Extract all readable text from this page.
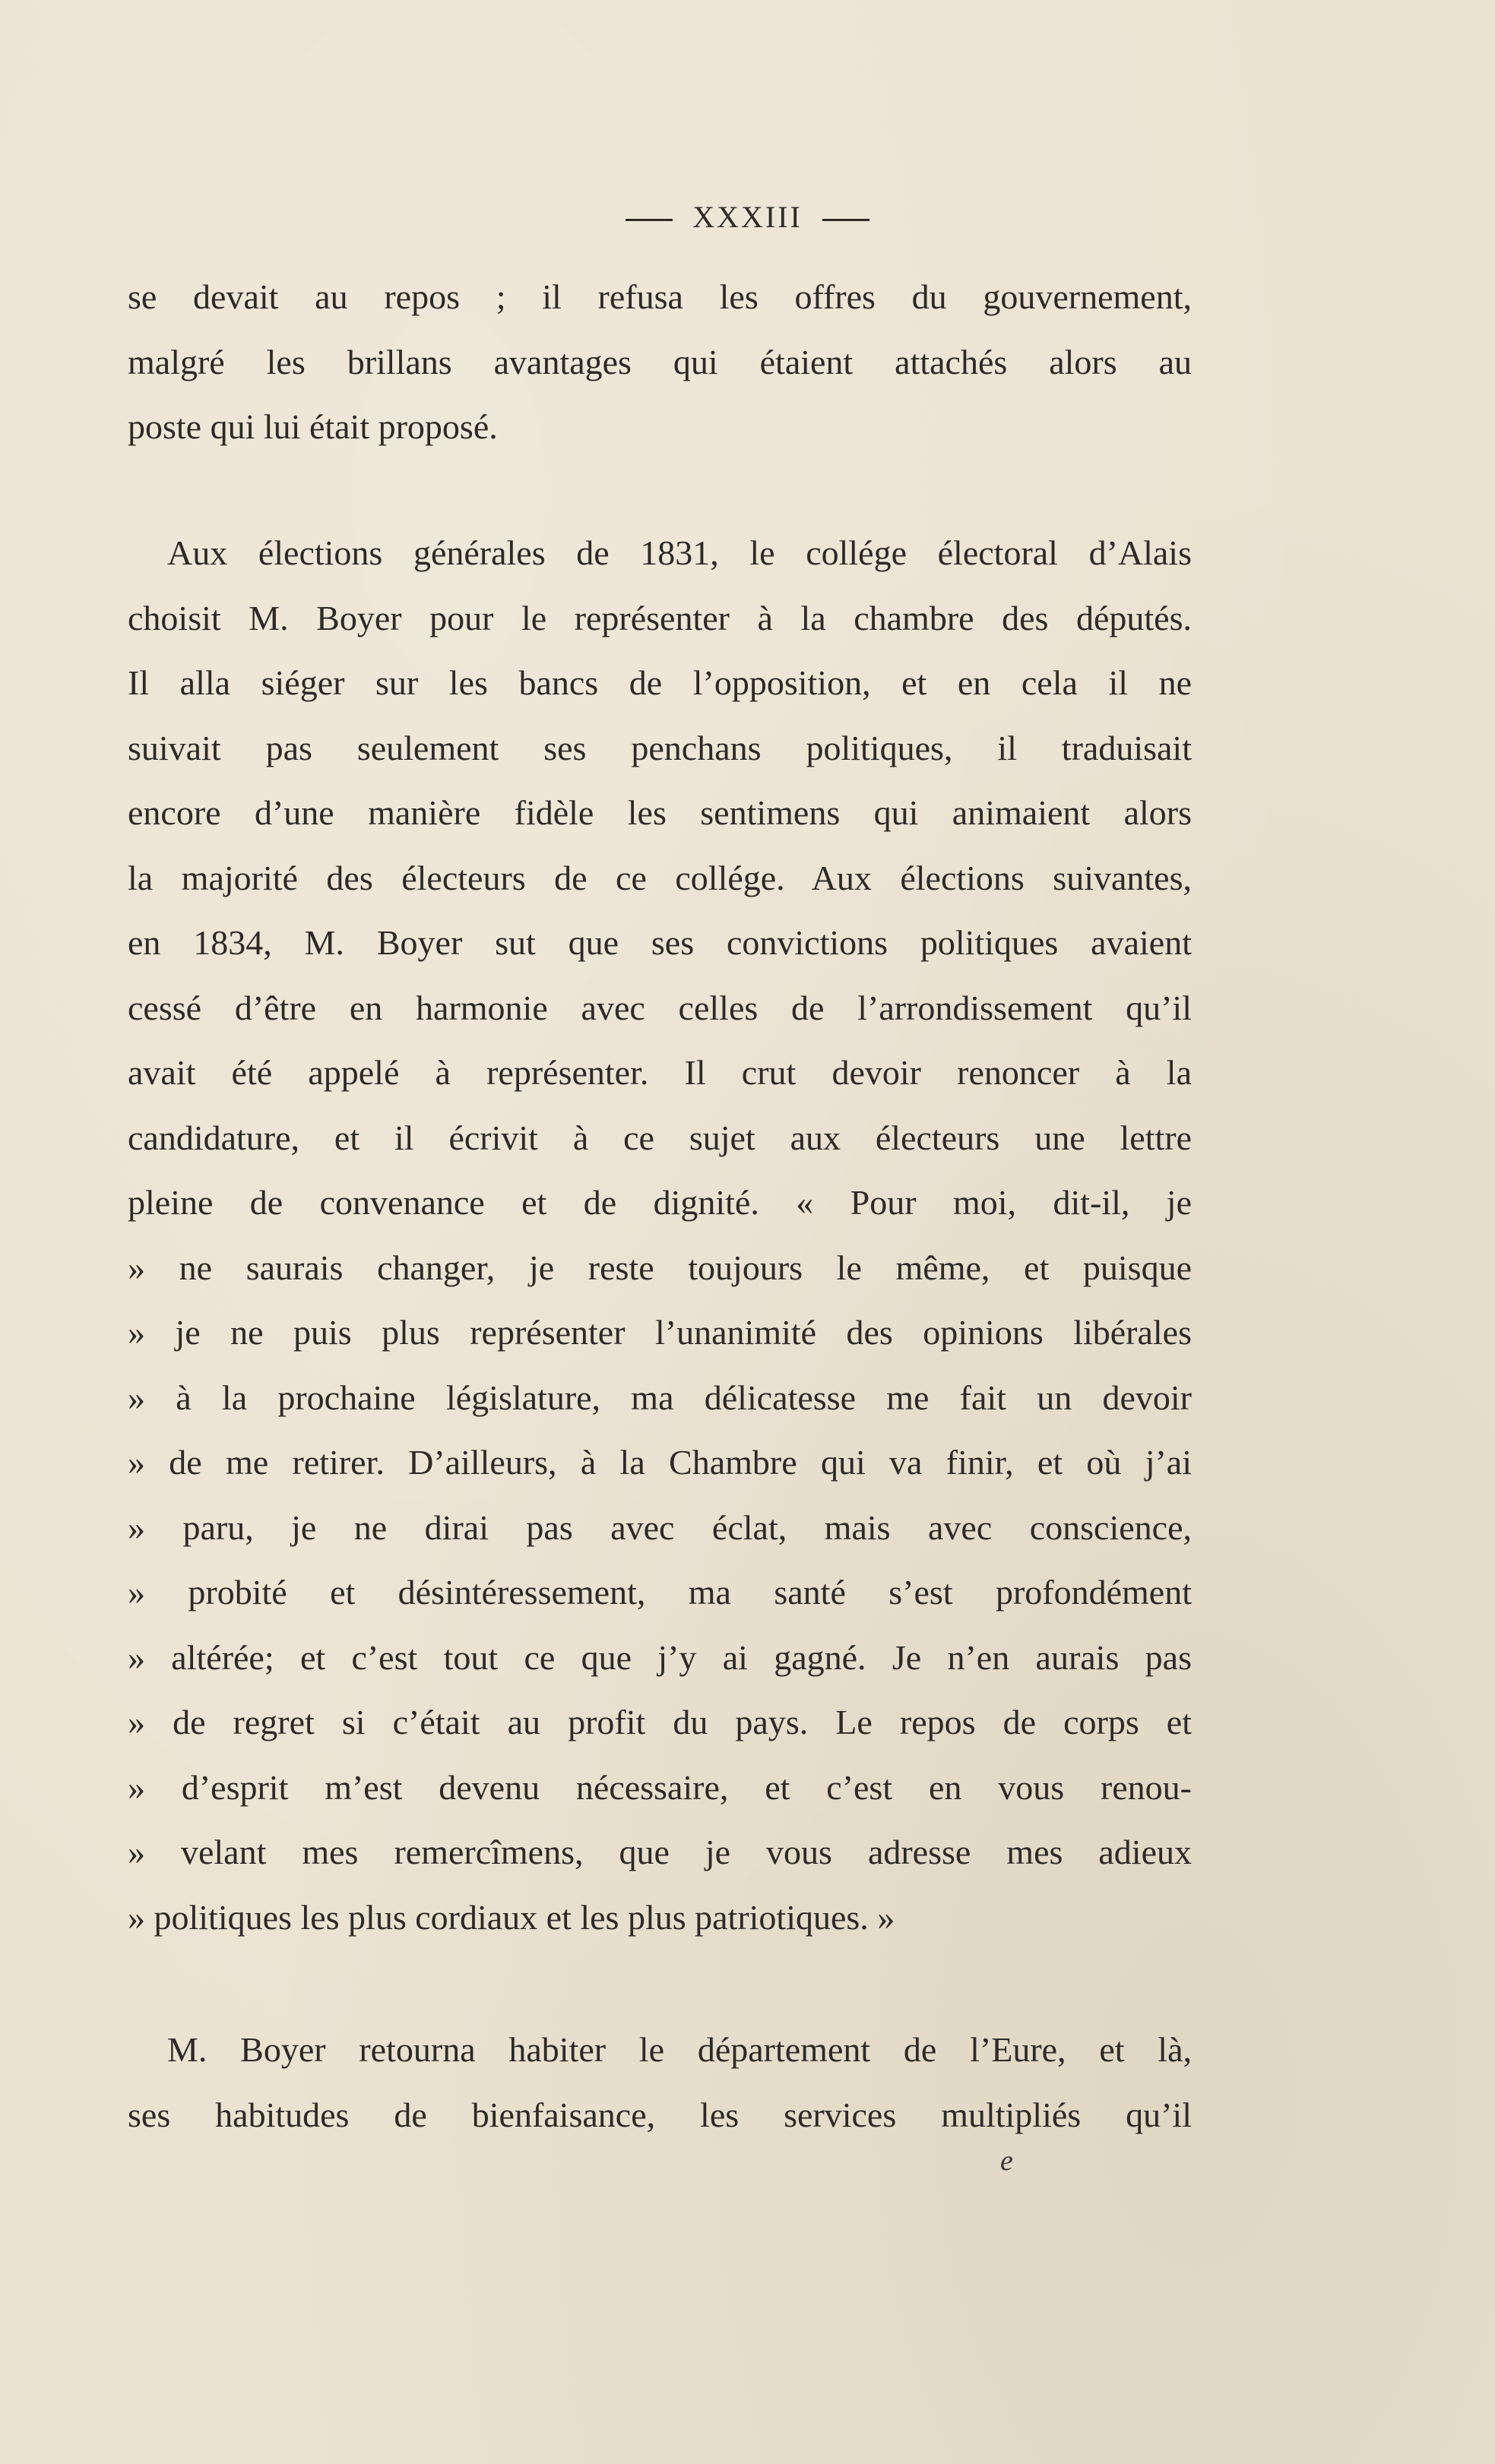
XXXIII
se devait au repos ; il refusa les offres du gouvernement,
malgré les brillans avantages qui étaient attachés alors au
poste qui lui était proposé.
Aux élections générales de 1831, le collége électoral d’Alais
choisit M. Boyer pour le représenter à la chambre des députés.
Il alla siéger sur les bancs de l’opposition, et en cela il ne
suivait pas seulement ses penchans politiques, il traduisait
encore d’une manière fidèle les sentimens qui animaient alors
la majorité des électeurs de ce collége. Aux élections suivantes,
en 1834, M. Boyer sut que ses convictions politiques avaient
cessé d’être en harmonie avec celles de l’arrondissement qu’il
avait été appelé à représenter. Il crut devoir renoncer à la
candidature, et il écrivit à ce sujet aux électeurs une lettre
pleine de convenance et de dignité. « Pour moi, dit-il, je
» ne saurais changer, je reste toujours le même, et puisque
» je ne puis plus représenter l’unanimité des opinions libérales
» à la prochaine législature, ma délicatesse me fait un devoir
» de me retirer. D’ailleurs, à la Chambre qui va finir, et où j’ai
» paru, je ne dirai pas avec éclat, mais avec conscience,
» probité et désintéressement, ma santé s’est profondément
» altérée; et c’est tout ce que j’y ai gagné. Je n’en aurais pas
» de regret si c’était au profit du pays. Le repos de corps et
» d’esprit m’est devenu nécessaire, et c’est en vous renou-
» velant mes remercîmens, que je vous adresse mes adieux
» politiques les plus cordiaux et les plus patriotiques. »
M. Boyer retourna habiter le département de l’Eure, et là,
ses habitudes de bienfaisance, les services multipliés qu’il
e
